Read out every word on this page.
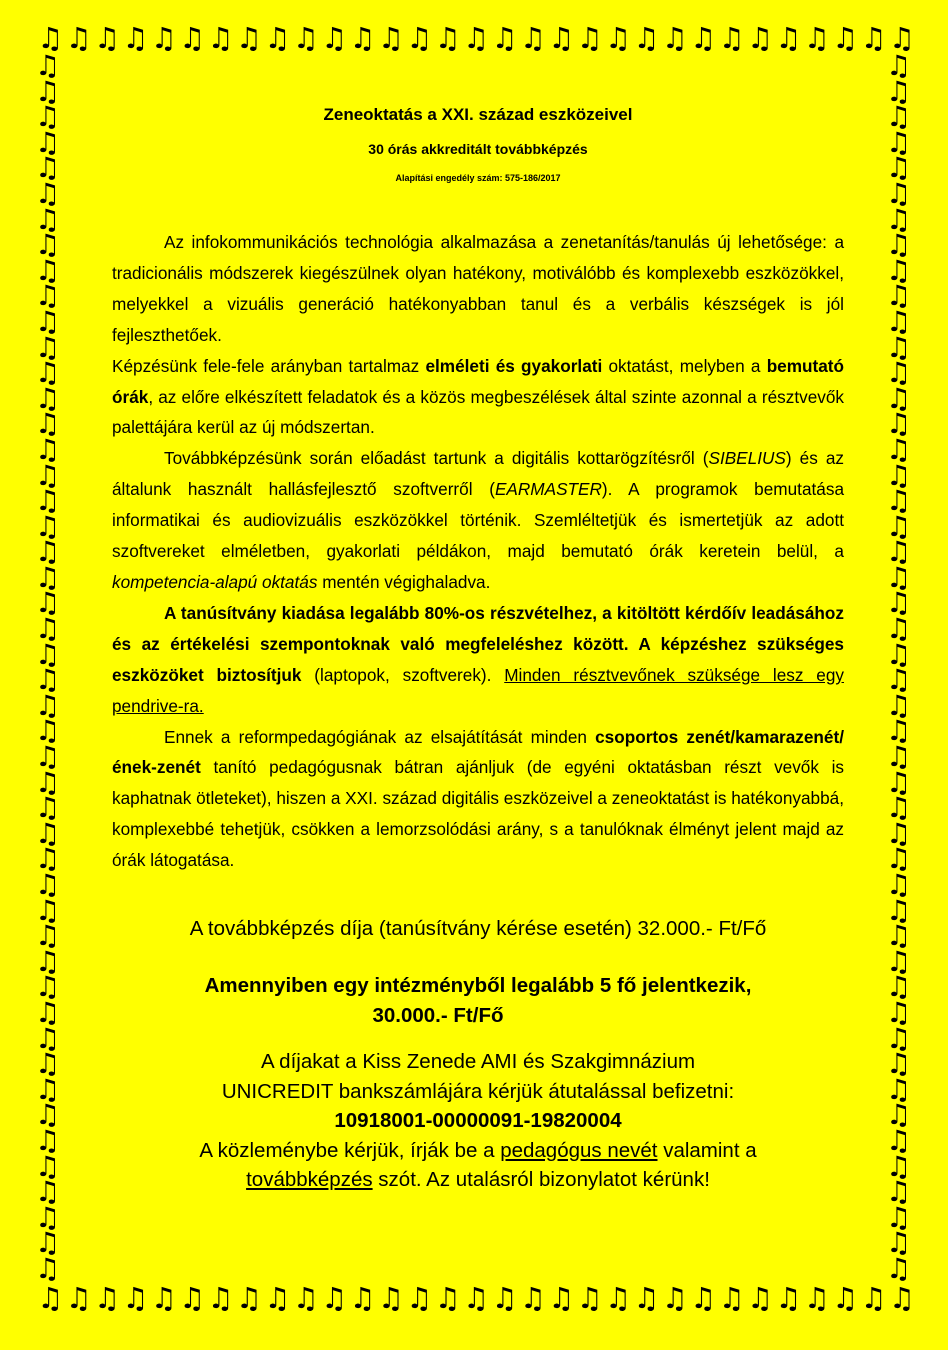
♫ ♫ ♫ ♫ ♫ ♫ ♫ ♫ ♫ ♫ ♫ ♫ ♫ ♫ ♫ ♫ ♫ ♫ ♫ ♫ ♫ ♫ ♫ ♫ ♫ ♫ ♫ ♫ ♫ ♫ ♫
♫ ♫ ♫ ♫ ♫ ♫ ♫ ♫ ♫ ♫ ♫ ♫ ♫ ♫ ♫ ♫ ♫ ♫ ♫ ♫ ♫ ♫ ♫ ♫ ♫ ♫ ♫ ♫ ♫ ♫ ♫
♫
♫
♫
♫
♫
♫
♫
♫
♫
♫
♫
♫
♫
♫
♫
♫
♫
♫
♫
♫
♫
♫
♫
♫
♫
♫
♫
♫
♫
♫
♫
♫
♫
♫
♫
♫
♫
♫
♫
♫
♫
♫
♫
♫
♫
♫
♫
♫
♫
♫
♫
♫
♫
♫
♫
♫
♫
♫
♫
♫
♫
♫
♫
♫
♫
♫
♫
♫
♫
♫
♫
♫
♫
♫
♫
♫
♫
♫
♫
♫
♫
♫
♫
♫
♫
♫
♫
♫
♫
♫
♫
♫
♫
♫
♫
♫
Zeneoktatás a XXI. század eszközeivel
30 órás akkreditált továbbképzés
Alapítási engedély szám: 575-186/2017

Az infokommunikációs technológia alkalmazása a zenetanítás/tanulás új lehetősége: a tradicionális módszerek kiegészülnek olyan hatékony, motiválóbb és komplexebb eszközökkel, melyekkel a vizuális generáció hatékonyabban tanul és a verbális készségek is jól fejleszthetőek.

Képzésünk fele-fele arányban tartalmaz elméleti és gyakorlati oktatást, melyben a bemutató órák, az előre elkészített feladatok és a közös megbeszélések által szinte azonnal a résztvevők palettájára kerül az új módszertan.

Továbbképzésünk során előadást tartunk a digitális kottarögzítésről (SIBELIUS) és az általunk használt hallásfejlesztő szoftverről (EARMASTER). A programok bemutatása informatikai és audiovizuális eszközökkel történik. Szemléltetjük és ismertetjük az adott szoftvereket elméletben, gyakorlati példákon, majd bemutató órák keretein belül, a kompetencia-alapú oktatás mentén végighaladva.

A tanúsítvány kiadása legalább 80%-os részvételhez, a kitöltött kérdőív leadásához és az értékelési szempontoknak való megfeleléshez között. A képzéshez szükséges eszközöket biztosítjuk (laptopok, szoftverek). Minden résztvevőnek szüksége lesz egy pendrive-ra.

Ennek a reformpedagógiának az elsajátítását minden csoportos zenét/kamarazenét/ének-zenét tanító pedagógusnak bátran ajánljuk (de egyéni oktatásban részt vevők is kaphatnak ötleteket), hiszen a XXI. század digitális eszközeivel a zeneoktatást is hatékonyabbá, komplexebbé tehetjük, csökken a lemorzsolódási arány, s a tanulóknak élményt jelent majd az órák látogatása.

A továbbképzés díja (tanúsítvány kérése esetén) 32.000.- Ft/Fő
Amennyiben egy intézményből legalább 5 fő jelentkezik,
30.000.- Ft/Fő
A díjakat a Kiss Zenede AMI és Szakgimnázium
UNICREDIT bankszámlájára kérjük átutalással befizetni:
10918001-00000091-19820004
A közleménybe kérjük, írják be a pedagógus nevét valamint a
továbbképzés szót. Az utalásról bizonylatot kérünk!
